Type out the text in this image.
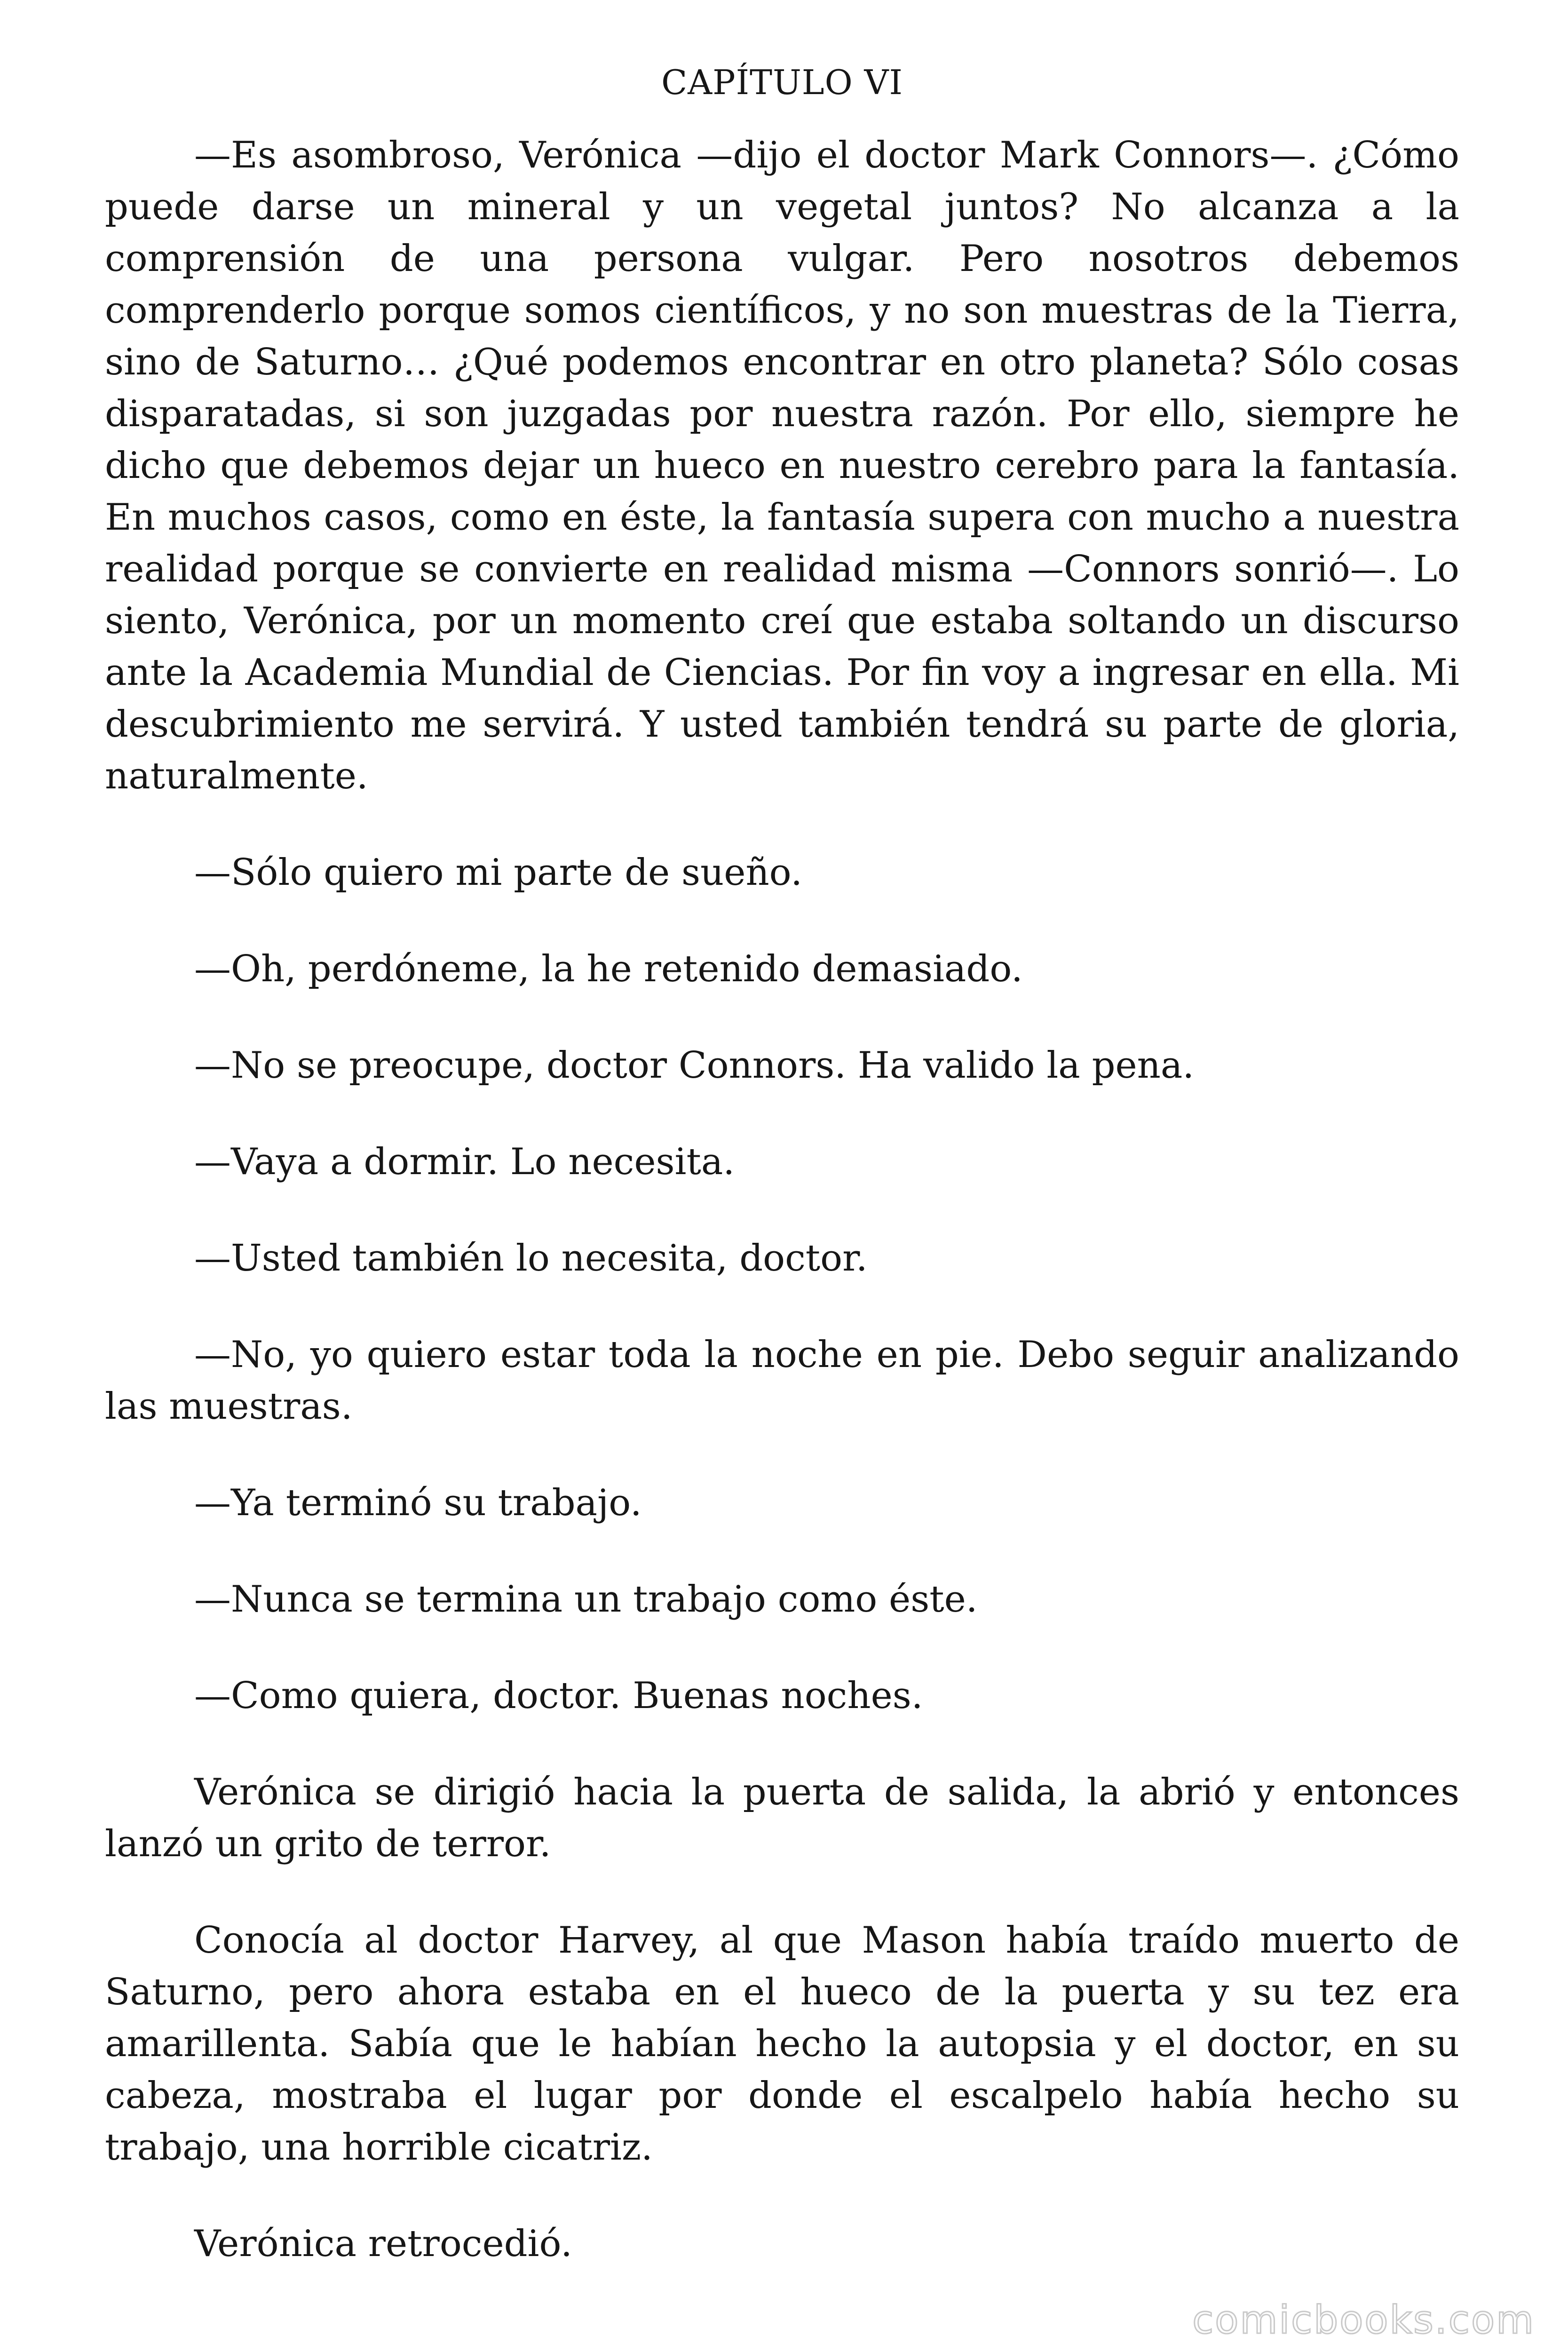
CAPÍTULO VI

—Es asombroso, Verónica —dijo el doctor Mark Connors—. ¿Cómo puede darse un mineral y un vegetal juntos? No alcanza a la comprensión de una persona vulgar. Pero nosotros debemos comprenderlo porque somos científicos, y no son muestras de la Tierra, sino de Saturno… ¿Qué podemos encontrar en otro planeta? Sólo cosas disparatadas, si son juzgadas por nuestra razón. Por ello, siempre he dicho que debemos dejar un hueco en nuestro cerebro para la fantasía. En muchos casos, como en éste, la fantasía supera con mucho a nuestra realidad porque se convierte en realidad misma —Connors sonrió—. Lo siento, Verónica, por un momento creí que estaba soltando un discurso ante la Academia Mundial de Ciencias. Por fin voy a ingresar en ella. Mi descubrimiento me servirá. Y usted también tendrá su parte de gloria, naturalmente.

—Sólo quiero mi parte de sueño.

—Oh, perdóneme, la he retenido demasiado.

—No se preocupe, doctor Connors. Ha valido la pena.

—Vaya a dormir. Lo necesita.

—Usted también lo necesita, doctor.

—No, yo quiero estar toda la noche en pie. Debo seguir analizando las muestras.

—Ya terminó su trabajo.

—Nunca se termina un trabajo como éste.

—Como quiera, doctor. Buenas noches.

Verónica se dirigió hacia la puerta de salida, la abrió y entonces lanzó un grito de terror.

Conocía al doctor Harvey, al que Mason había traído muerto de Saturno, pero ahora estaba en el hueco de la puerta y su tez era amarillenta. Sabía que le habían hecho la autopsia y el doctor, en su cabeza, mostraba el lugar por donde el escalpelo había hecho su trabajo, una horrible cicatriz.

Verónica retrocedió.

comicbooks.com
